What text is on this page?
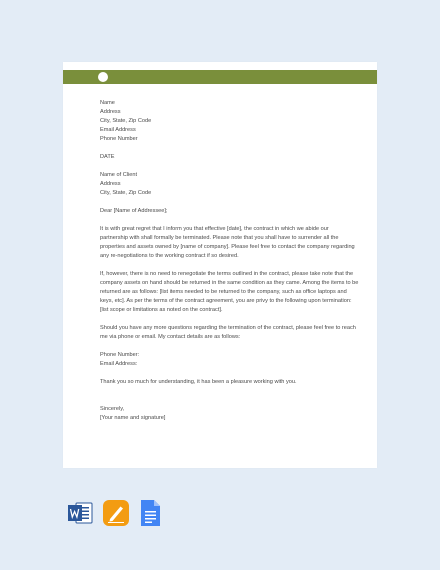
Name
Address
City, State, Zip Code
Email Address
Phone Number
DATE
Name of Client
Address
City, State, Zip Code
Dear [Name of Addressee];
It is with great regret that I inform you that effective [date], the contract in which we abide our
partnership with shall formally be terminated. Please note that you shall have to surrender all the
properties and assets owned by [name of company]. Please feel free to contact the company regarding
any re-negotiations to the working contract if so desired.
If, however, there is no need to renegotiate the terms outlined in the contract, please take note that the
company assets on hand should be returned in the same condition as they came. Among the items to be
returned are as follows: [list items needed to be returned to the company, such as office laptops and
keys, etc]. As per the terms of the contract agreement, you are privy to the following upon termination:
[list scope or limitations as noted on the contract].
Should you have any more questions regarding the termination of the contract, please feel free to reach
me via phone or email. My contact details are as follows:
Phone Number:
Email Address:
Thank you so much for understanding, it has been a pleasure working with you.
Sincerely,
[Your name and signature]
